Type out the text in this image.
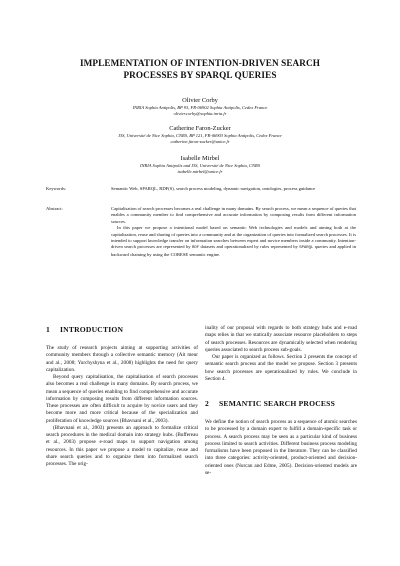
IMPLEMENTATION OF INTENTION-DRIVEN SEARCH
PROCESSES BY SPARQL QUERIES
Olivier Corby
INRIA Sophia Antipolis, BP 93, FR-06902 Sophia Antipolis, Cedex France
olivier.corby@sophia.inria.fr
Catherine Faron-Zucker
I3S, Université de Nice Sophia, CNRS, BP 121, FR-06903 Sophia Antipolis, Cedex France
catherine.faron-zucker@unice.fr
Isabelle Mirbel
INRIA Sophia Antipolis and I3S, Université de Nice Sophia, CNRS
isabelle.mirbel@unice.fr
Keywords:	Semantic Web, SPARQL, RDF(S), search process modeling, dynamic navigation, ontologies, process guidance
Abstract:	Capitalisation of search processes becomes a real challenge in many domains. By search process, we mean a sequence of queries that enables a community member to find comprehensive and accurate information by composing results from different information sources.

In this paper we propose a intentional model based on semantic Web technologies and models and aiming both at the capitalization, reuse and sharing of queries into a community and at the organization of queries into formalized search processes. It is intended to support knowledge transfer on information searches between expert and novice members inside a community. Intention-driven search processes are represented by RDF datasets and operationalized by rules represented by SPARQL queries and applied in backward chaining by using the CORESE semantic engine.

1 INTRODUCTION

The study of research projects aiming at supporting activities of community members through a collective semantic memory (Ait meur and al., 2008; Yurchyshyna et al., 2008) highlights the need for query capitalization.

Beyond query capitalisation, the capitalisation of search processes also becomes a real challenge in many domains. By search process, we mean a sequence of queries enabling to find comprehensive and accurate information by composing results from different information sources. These processes are often difficult to acquire by novice users and they become more and more critical because of the specialization and proliferation of knowledge sources (Bhavnani et al., 2003).

(Bhavnani et al., 2003) presents an approach to formalize critical search procedures in the medical domain into strategy hubs. (Buffereau et al., 2003) propose e-road maps to support navigation among resources. In this paper we propose a model to capitalize, reuse and share search queries and to organize them into formalized search processes. The orig-

inality of our proposal with regards to both strategy hubs and e-road maps relies in that we statically associate resource placeholders to steps of search processes. Resources are dynamically selected when rendering queries associated to search process sub-goals.

Our paper is organized as follows. Section 2 presents the concept of semantic search process and the model we propose. Section 3 presents how search processes are operationalized by rules. We conclude in Section 4.

2 SEMANTIC SEARCH PROCESS

We define the notion of search process as a sequence of atomic searches to be processed by a domain expert to fulfill a domain-specific task or process. A search process may be seen as a particular kind of business process limited to search activities. Different business process modeling formalisms have been proposed in the literature. They can be classified into three categories: activity-oriented, product-oriented and decision-oriented ones (Nurcan and Edme, 2005). Decision-oriented models are se-
